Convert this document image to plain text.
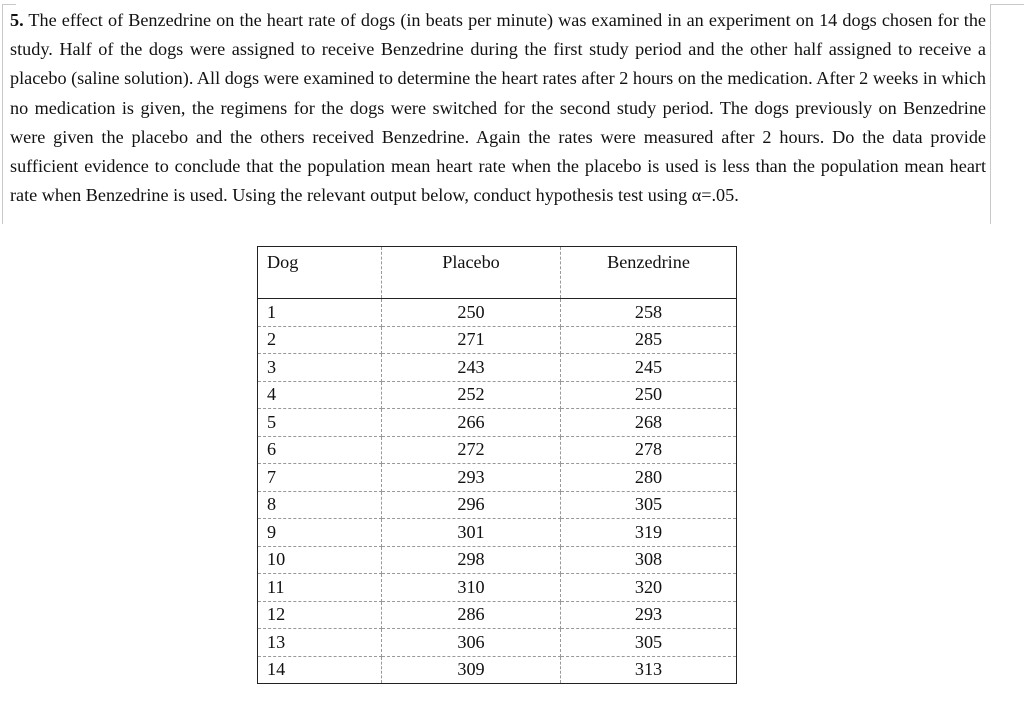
5. The effect of Benzedrine on the heart rate of dogs (in beats per minute) was examined in an experiment on 14 dogs chosen for the study. Half of the dogs were assigned to receive Benzedrine during the first study period and the other half assigned to receive a placebo (saline solution). All dogs were examined to determine the heart rates after 2 hours on the medication. After 2 weeks in which no medication is given, the regimens for the dogs were switched for the second study period. The dogs previously on Benzedrine were given the placebo and the others received Benzedrine. Again the rates were measured after 2 hours. Do the data provide sufficient evidence to conclude that the population mean heart rate when the placebo is used is less than the population mean heart rate when Benzedrine is used. Using the relevant output below, conduct hypothesis test using α=.05.

Dog	Placebo	Benzedrine
1	250	258
2	271	285
3	243	245
4	252	250
5	266	268
6	272	278
7	293	280
8	296	305
9	301	319
10	298	308
11	310	320
12	286	293
13	306	305
14	309	313
